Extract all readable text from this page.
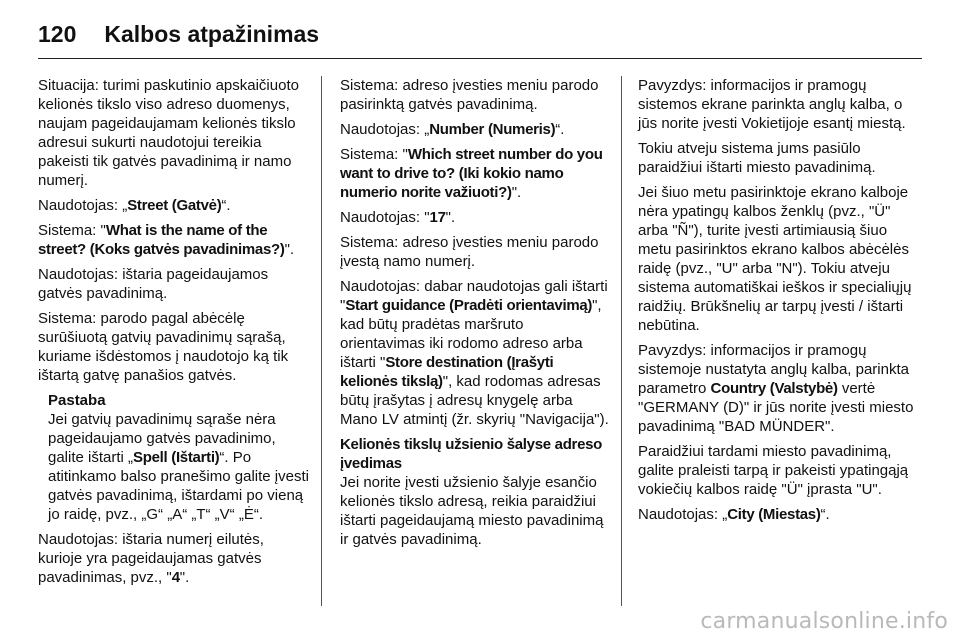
120 Kalbos atpažinimas

Situacija: turimi paskutinio apskaičiuoto kelionės tikslo viso adreso duomenys, naujam pageidaujamam kelionės tikslo adresui sukurti naudotojui tereikia pakeisti tik gatvės pavadinimą ir namo numerį.

Naudotojas: „Street (Gatvė)“.

Sistema: "What is the name of the street? (Koks gatvės pavadinimas?)".

Naudotojas: ištaria pageidaujamos gatvės pavadinimą.

Sistema: parodo pagal abėcėlę surūšiuotą gatvių pavadinimų sąrašą, kuriame išdėstomos į naudotojo ką tik ištartą gatvę panašios gatvės.

Pastaba
Jei gatvių pavadinimų sąraše nėra pageidaujamo gatvės pavadinimo, galite ištarti „Spell (Ištarti)“. Po atitinkamo balso pranešimo galite įvesti gatvės pavadinimą, ištardami po vieną jo raidę, pvz., „G“ „A“ „T“ „V“ „Ė“.

Naudotojas: ištaria numerį eilutės, kurioje yra pageidaujamas gatvės pavadinimas, pvz., "4".

Sistema: adreso įvesties meniu parodo pasirinktą gatvės pavadinimą.

Naudotojas: „Number (Numeris)“.

Sistema: "Which street number do you want to drive to? (Iki kokio namo numerio norite važiuoti?)".

Naudotojas: "17".

Sistema: adreso įvesties meniu parodo įvestą namo numerį.

Naudotojas: dabar naudotojas gali ištarti "Start guidance (Pradėti orientavimą)", kad būtų pradėtas maršruto orientavimas iki rodomo adreso arba ištarti "Store destination (Įrašyti kelionės tikslą)", kad rodomas adresas būtų įrašytas į adresų knygelę arba Mano LV atmintį (žr. skyrių "Navigacija").

Kelionės tikslų užsienio šalyse adreso įvedimas

Jei norite įvesti užsienio šalyje esančio kelionės tikslo adresą, reikia paraidžiui ištarti pageidaujamą miesto pavadinimą ir gatvės pavadinimą.

Pavyzdys: informacijos ir pramogų sistemos ekrane parinkta anglų kalba, o jūs norite įvesti Vokietijoje esantį miestą.

Tokiu atveju sistema jums pasiūlo paraidžiui ištarti miesto pavadinimą.

Jei šiuo metu pasirinktoje ekrano kalboje nėra ypatingų kalbos ženklų (pvz., "Ü" arba "Ñ"), turite įvesti artimiausią šiuo metu pasirinktos ekrano kalbos abėcėlės raidę (pvz., "U" arba "N"). Tokiu atveju sistema automatiškai ieškos ir specialiųjų raidžių. Brūkšnelių ar tarpų įvesti / ištarti nebūtina.

Pavyzdys: informacijos ir pramogų sistemoje nustatyta anglų kalba, parinkta parametro Country (Valstybė) vertė "GERMANY (D)" ir jūs norite įvesti miesto pavadinimą "BAD MÜNDER".

Paraidžiui tardami miesto pavadinimą, galite praleisti tarpą ir pakeisti ypatingąją vokiečių kalbos raidę "Ü" įprasta "U".

Naudotojas: „City (Miestas)“.

carmanualsonline.info
